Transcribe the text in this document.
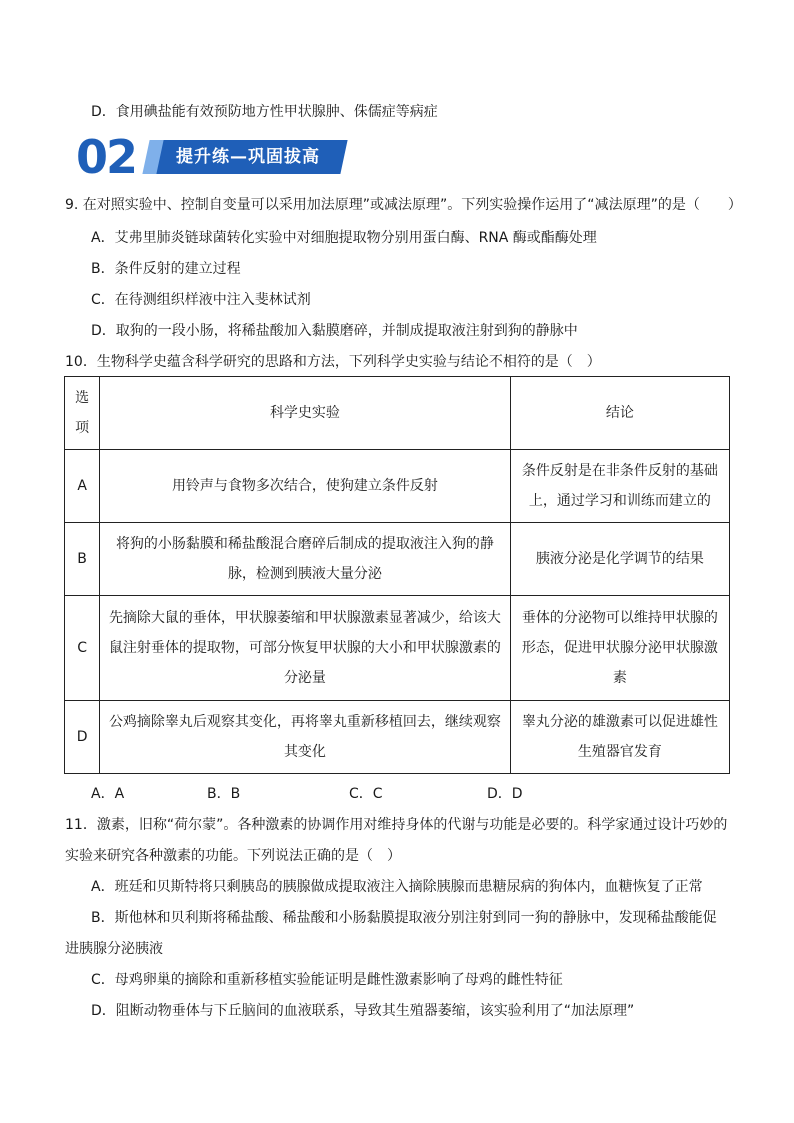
D．食用碘盐能有效预防地方性甲状腺肿、侏儒症等病症
02 提升练—巩固拔高
9. 在对照实验中、控制自变量可以采用加法原理”或减法原理”。下列实验操作运用了“减法原理”的是（　　）
A．艾弗里肺炎链球菌转化实验中对细胞提取物分别用蛋白酶、RNA 酶或酯酶处理
B．条件反射的建立过程
C．在待测组织样液中注入斐林试剂
D．取狗的一段小肠，将稀盐酸加入黏膜磨碎，并制成提取液注射到狗的静脉中
10．生物科学史蕴含科学研究的思路和方法，下列科学史实验与结论不相符的是（　）
选项	科学史实验	结论
A	用铃声与食物多次结合，使狗建立条件反射	条件反射是在非条件反射的基础上，通过学习和训练而建立的
B	将狗的小肠黏膜和稀盐酸混合磨碎后制成的提取液注入狗的静脉，检测到胰液大量分泌	胰液分泌是化学调节的结果
C	先摘除大鼠的垂体，甲状腺萎缩和甲状腺激素显著减少，给该大鼠注射垂体的提取物，可部分恢复甲状腺的大小和甲状腺激素的分泌量	垂体的分泌物可以维持甲状腺的形态，促进甲状腺分泌甲状腺激素
D	公鸡摘除睾丸后观察其变化，再将睾丸重新移植回去，继续观察其变化	睾丸分泌的雄激素可以促进雄性生殖器官发育
A．A	B．B	C．C	D．D
11．激素，旧称“荷尔蒙”。各种激素的协调作用对维持身体的代谢与功能是必要的。科学家通过设计巧妙的
实验来研究各种激素的功能。下列说法正确的是（　）
A．班廷和贝斯特将只剩胰岛的胰腺做成提取液注入摘除胰腺而患糖尿病的狗体内，血糖恢复了正常
B．斯他林和贝利斯将稀盐酸、稀盐酸和小肠黏膜提取液分别注射到同一狗的静脉中，发现稀盐酸能促
进胰腺分泌胰液
C．母鸡卵巢的摘除和重新移植实验能证明是雌性激素影响了母鸡的雌性特征
D．阻断动物垂体与下丘脑间的血液联系，导致其生殖器萎缩，该实验利用了“加法原理”
